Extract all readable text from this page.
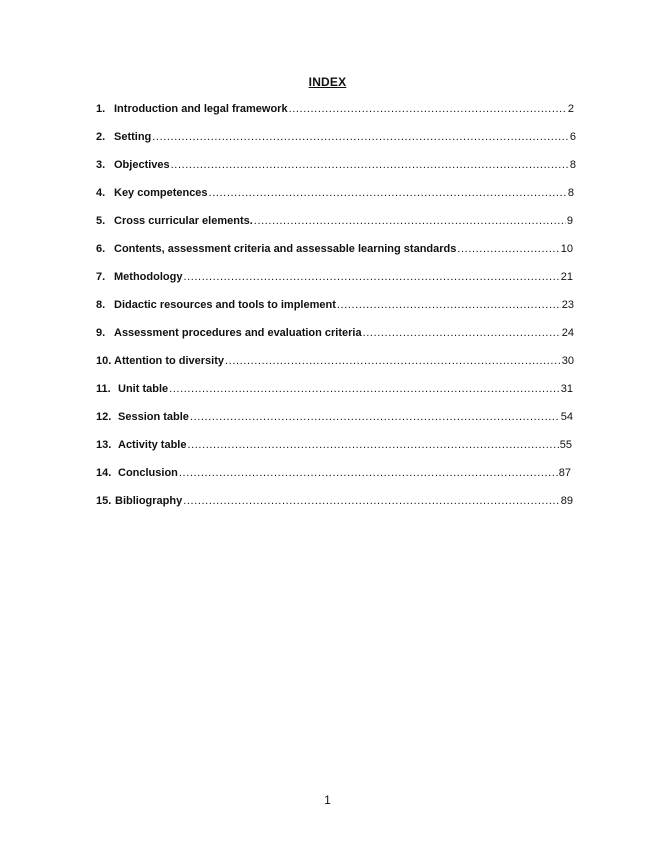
INDEX
1. Introduction and legal framework .....	2
2. Setting .....	6
3. Objectives .....	8
4. Key competences .....	8
5. Cross curricular elements. .....	9
6. Contents, assessment criteria and assessable learning standards .....	10
7. Methodology .....	21
8. Didactic resources and tools to implement .....	23
9. Assessment procedures and evaluation criteria .....	24
10. Attention to diversity .....	30
11. Unit table .....	31
12. Session table .....	54
13. Activity table .....	55
14. Conclusion .....	87
15. Bibliography .....	89
1
